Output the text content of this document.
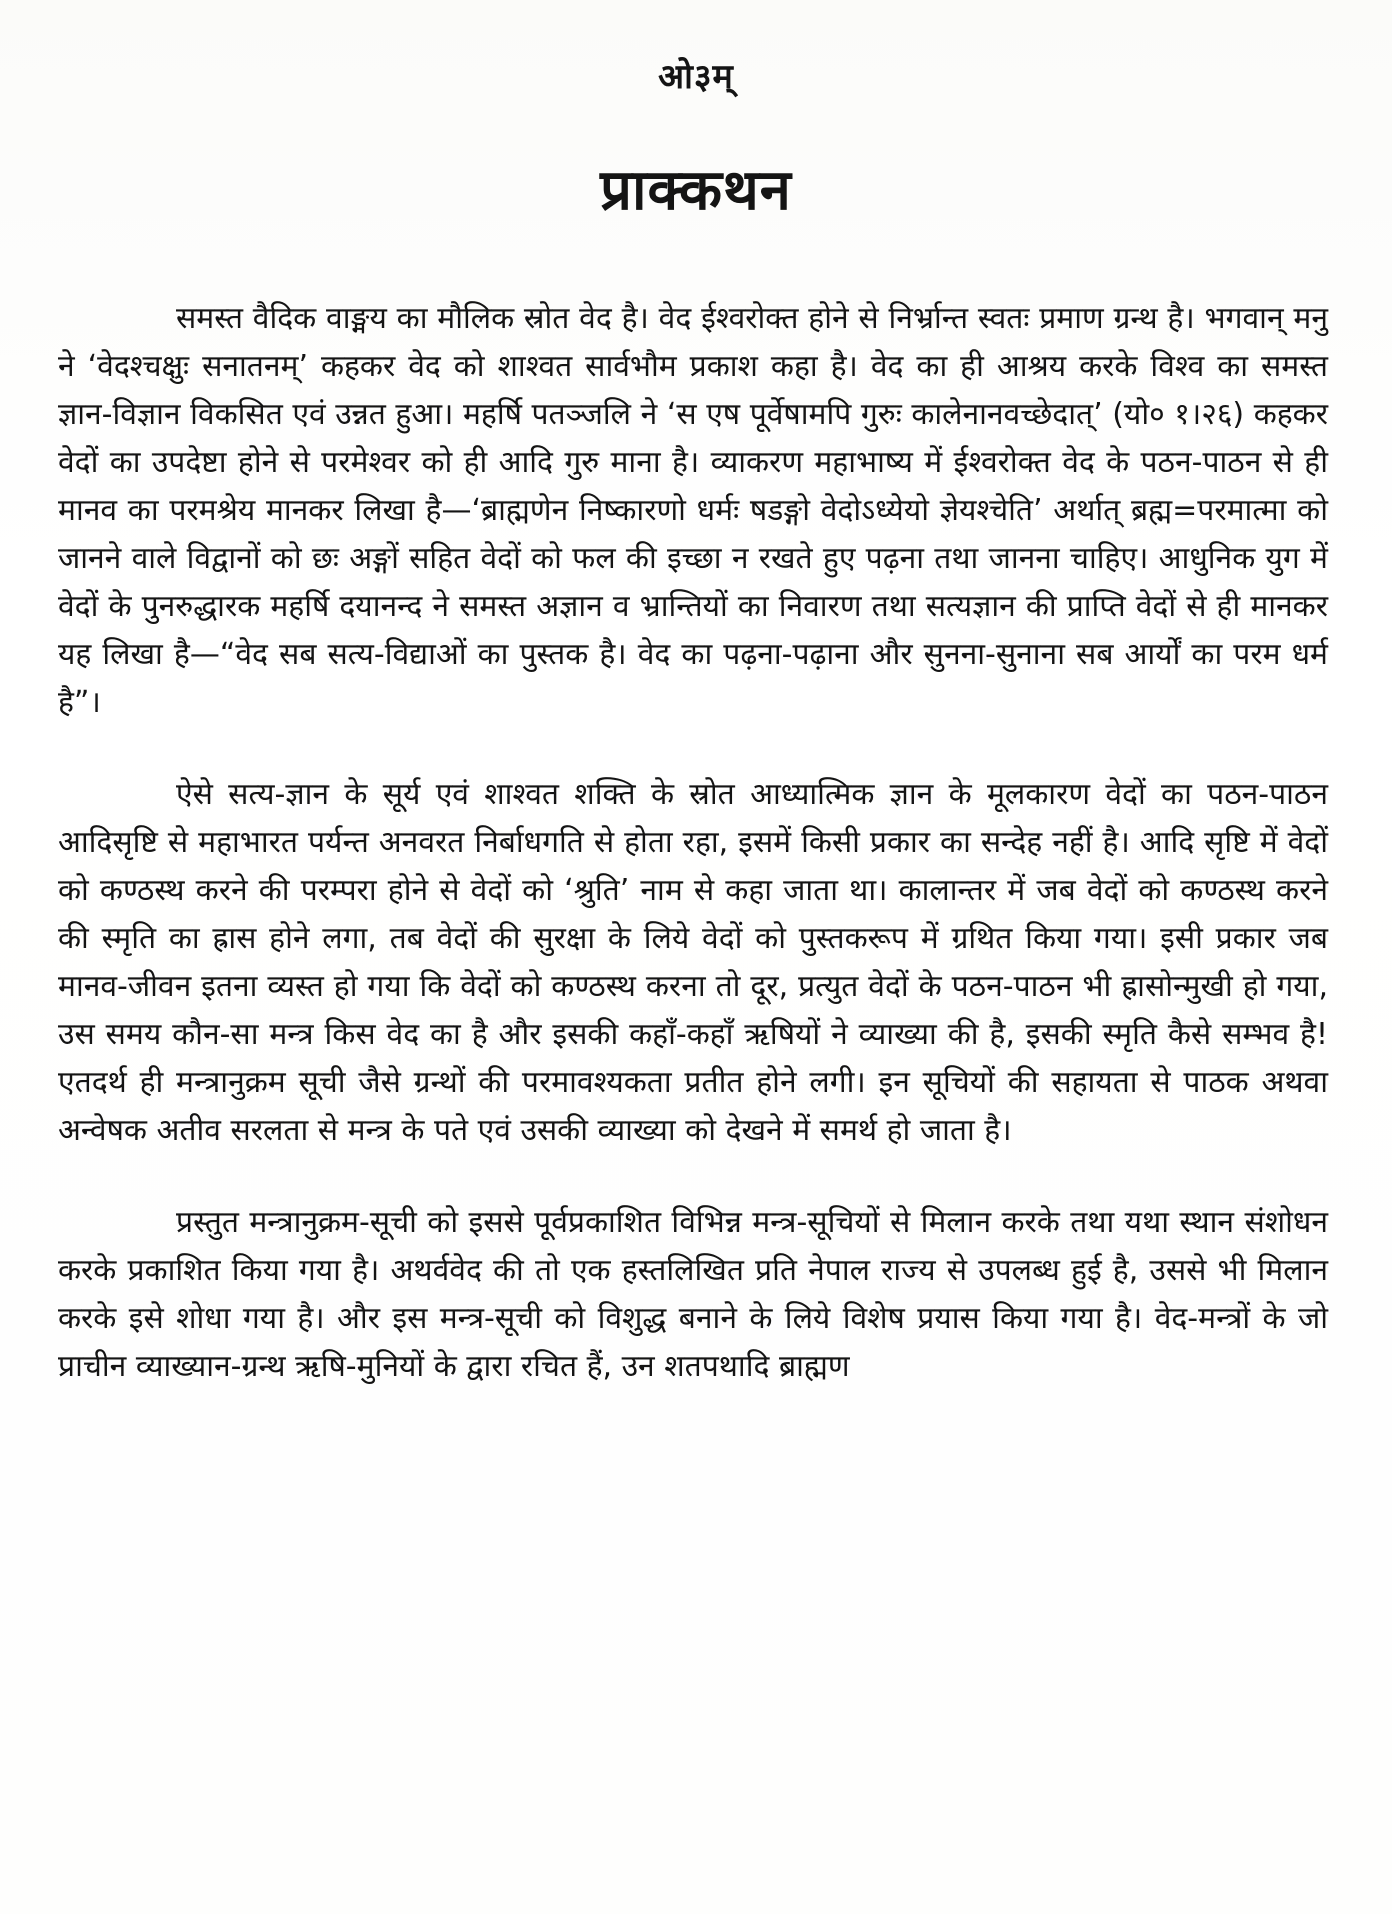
ओ३म्
प्राक्कथन

समस्त वैदिक वाङ्मय का मौलिक स्रोत वेद है। वेद ईश्वरोक्त होने से निर्भ्रान्त स्वतः प्रमाण ग्रन्थ है। भगवान् मनु ने ‘वेदश्चक्षुः सनातनम्’ कहकर वेद को शाश्वत सार्वभौम प्रकाश कहा है। वेद का ही आश्रय करके विश्व का समस्त ज्ञान-विज्ञान विकसित एवं उन्नत हुआ। महर्षि पतञ्जलि ने ‘स एष पूर्वेषामपि गुरुः कालेनानवच्छेदात्’ (यो० १।२६) कहकर वेदों का उपदेष्टा होने से परमेश्वर को ही आदि गुरु माना है। व्याकरण महाभाष्य में ईश्वरोक्त वेद के पठन-पाठन से ही मानव का परमश्रेय मानकर लिखा है—‘ब्राह्मणेन निष्कारणो धर्मः षडङ्गो वेदोऽध्येयो ज्ञेयश्चेति’ अर्थात् ब्रह्म=परमात्मा को जानने वाले विद्वानों को छः अङ्गों सहित वेदों को फल की इच्छा न रखते हुए पढ़ना तथा जानना चाहिए। आधुनिक युग में वेदों के पुनरुद्धारक महर्षि दयानन्द ने समस्त अज्ञान व भ्रान्तियों का निवारण तथा सत्यज्ञान की प्राप्ति वेदों से ही मानकर यह लिखा है—“वेद सब सत्य-विद्याओं का पुस्तक है। वेद का पढ़ना-पढ़ाना और सुनना-सुनाना सब आर्यों का परम धर्म है”।

ऐसे सत्य-ज्ञान के सूर्य एवं शाश्वत शक्ति के स्रोत आध्यात्मिक ज्ञान के मूलकारण वेदों का पठन-पाठन आदिसृष्टि से महाभारत पर्यन्त अनवरत निर्बाधगति से होता रहा, इसमें किसी प्रकार का सन्देह नहीं है। आदि सृष्टि में वेदों को कण्ठस्थ करने की परम्परा होने से वेदों को ‘श्रुति’ नाम से कहा जाता था। कालान्तर में जब वेदों को कण्ठस्थ करने की स्मृति का ह्रास होने लगा, तब वेदों की सुरक्षा के लिये वेदों को पुस्तकरूप में ग्रथित किया गया। इसी प्रकार जब मानव-जीवन इतना व्यस्त हो गया कि वेदों को कण्ठस्थ करना तो दूर, प्रत्युत वेदों के पठन-पाठन भी ह्रासोन्मुखी हो गया, उस समय कौन-सा मन्त्र किस वेद का है और इसकी कहाँ-कहाँ ऋषियों ने व्याख्या की है, इसकी स्मृति कैसे सम्भव है! एतदर्थ ही मन्त्रानुक्रम सूची जैसे ग्रन्थों की परमावश्यकता प्रतीत होने लगी। इन सूचियों की सहायता से पाठक अथवा अन्वेषक अतीव सरलता से मन्त्र के पते एवं उसकी व्याख्या को देखने में समर्थ हो जाता है।

प्रस्तुत मन्त्रानुक्रम-सूची को इससे पूर्वप्रकाशित विभिन्न मन्त्र-सूचियों से मिलान करके तथा यथा स्थान संशोधन करके प्रकाशित किया गया है। अथर्ववेद की तो एक हस्तलिखित प्रति नेपाल राज्य से उपलब्ध हुई है, उससे भी मिलान करके इसे शोधा गया है। और इस मन्त्र-सूची को विशुद्ध बनाने के लिये विशेष प्रयास किया गया है। वेद-मन्त्रों के जो प्राचीन व्याख्यान-ग्रन्थ ऋषि-मुनियों के द्वारा रचित हैं, उन शतपथादि ब्राह्मण
